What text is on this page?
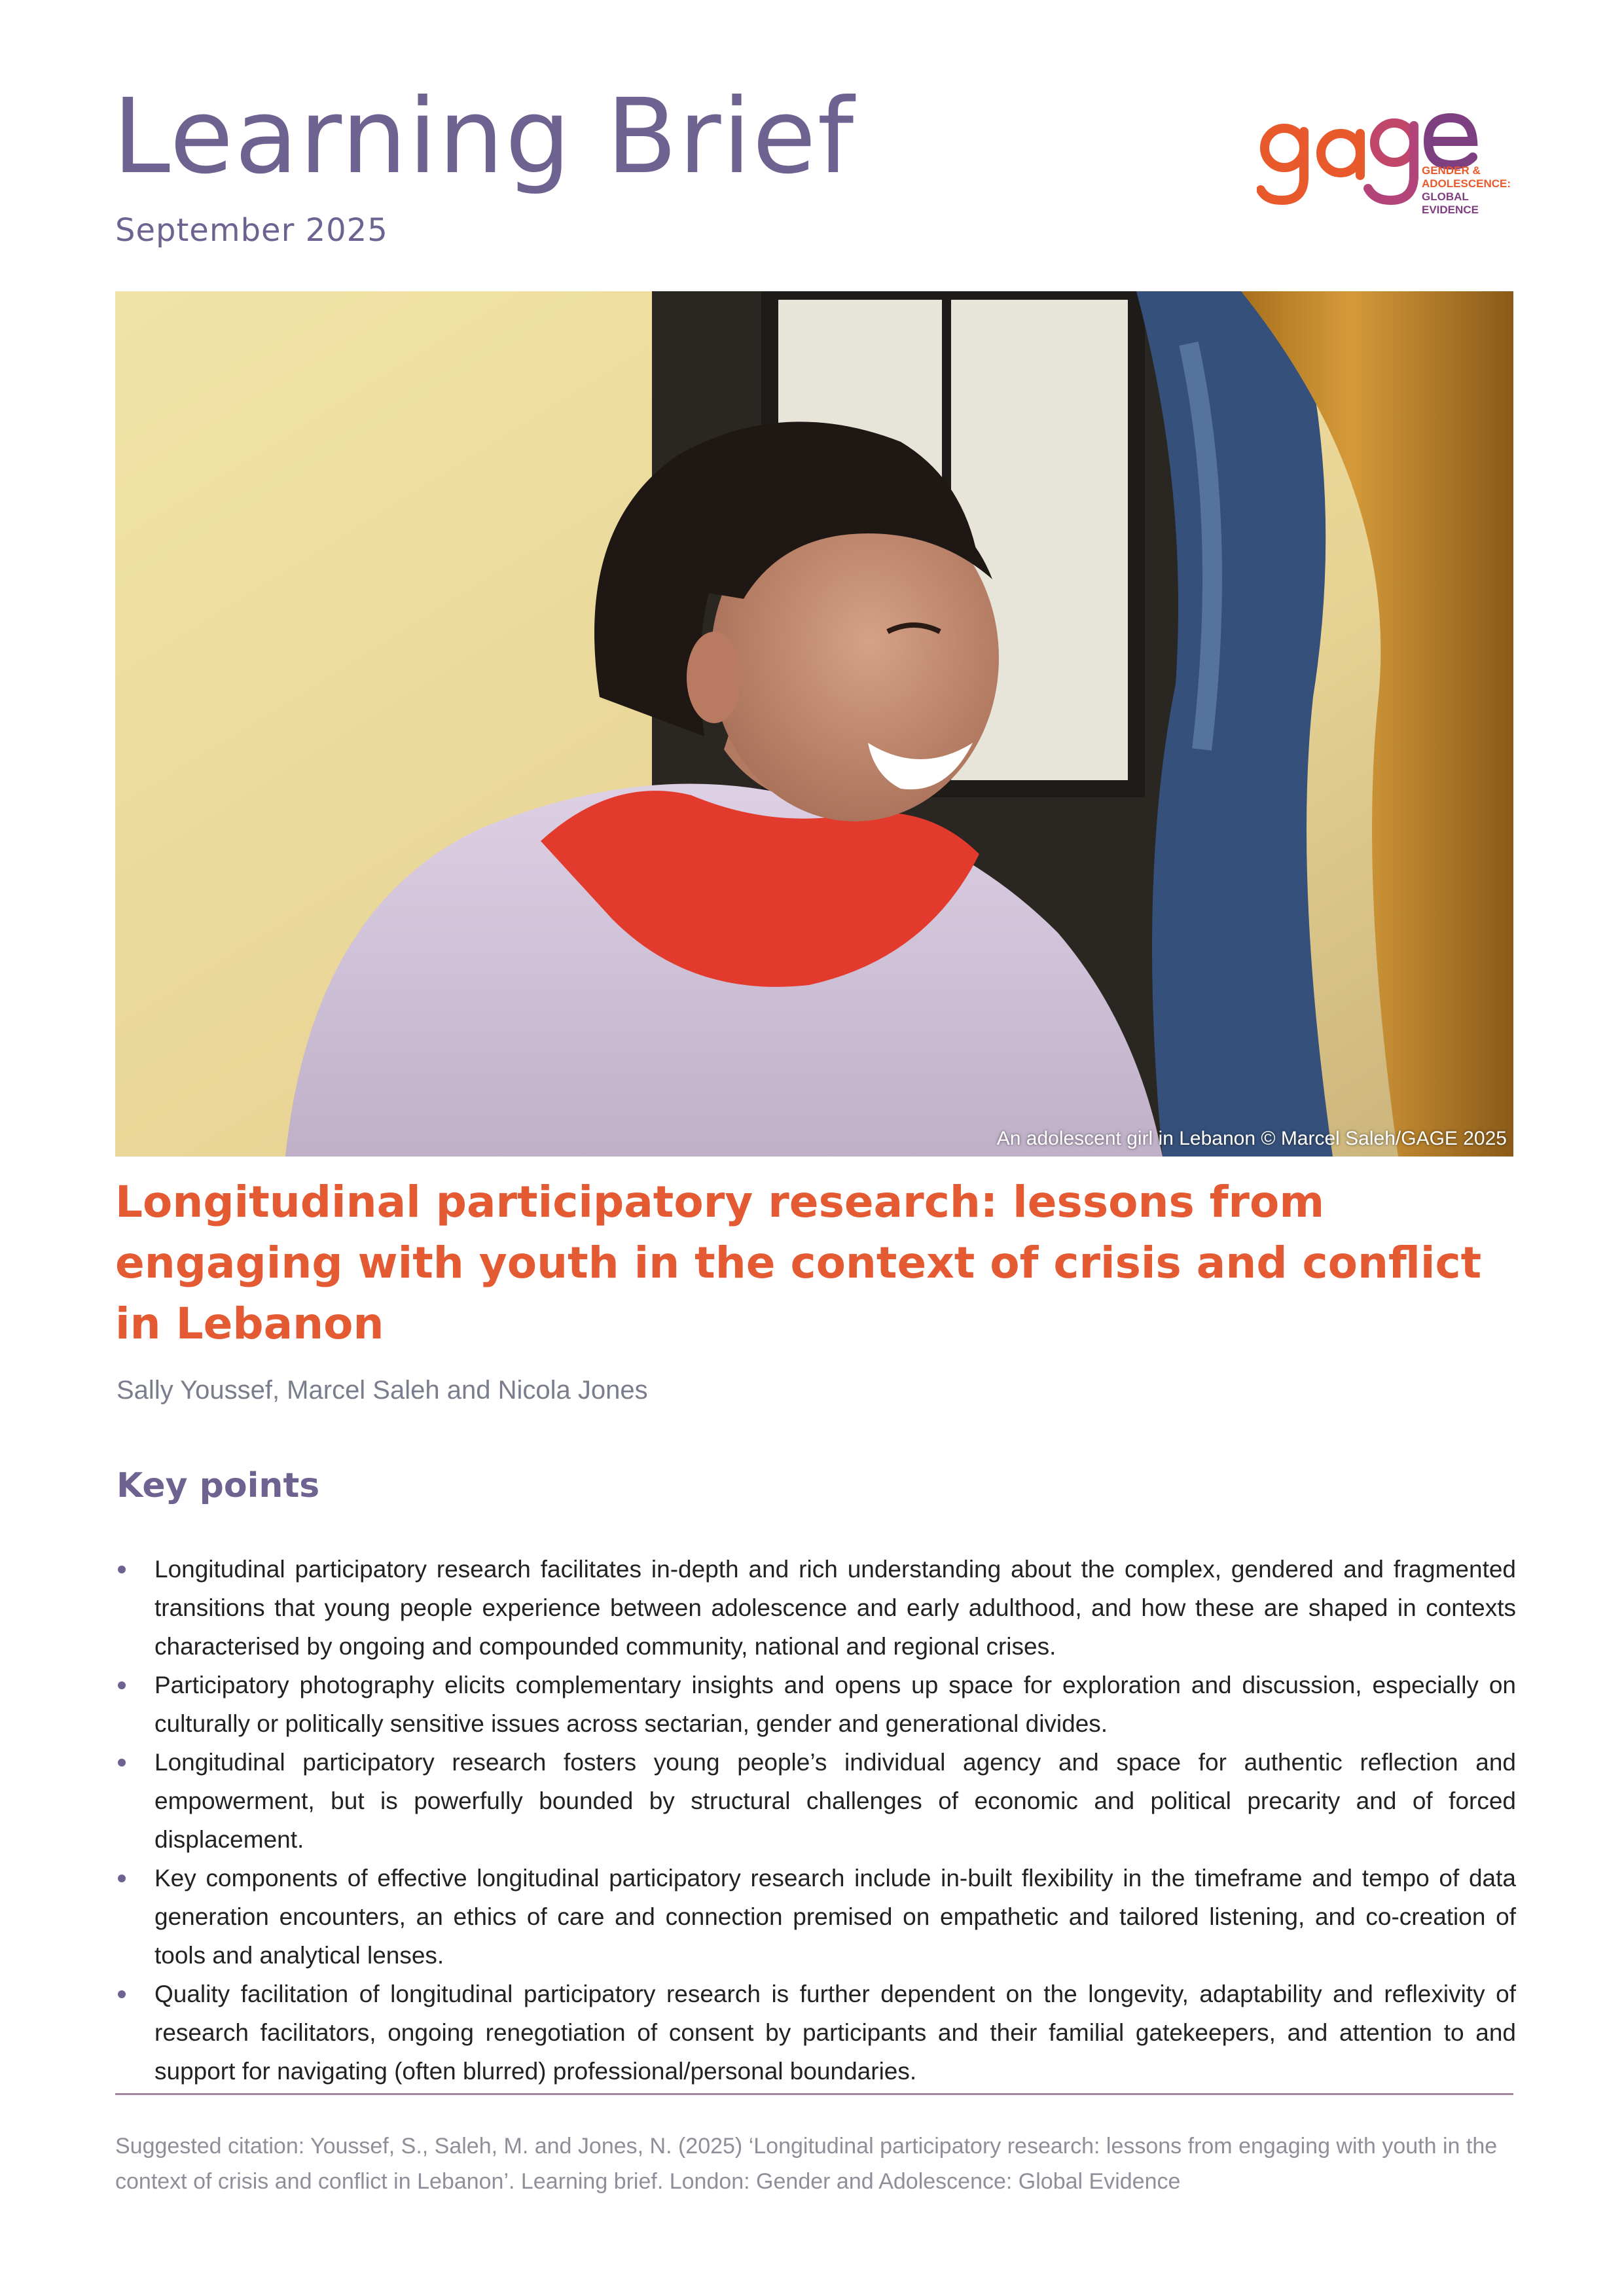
Learning Brief
September 2025
GENDER &
ADOLESCENCE:
GLOBAL
EVIDENCE
An adolescent girl in Lebanon © Marcel Saleh/GAGE 2025
Longitudinal participatory research: lessons from engaging with youth in the context of crisis and conflict in Lebanon
Sally Youssef, Marcel Saleh and Nicola Jones
Key points
Longitudinal participatory research facilitates in-depth and rich understanding about the complex, gendered and fragmented transitions that young people experience between adolescence and early adulthood, and how these are shaped in contexts characterised by ongoing and compounded community, national and regional crises.
Participatory photography elicits complementary insights and opens up space for exploration and discussion, especially on culturally or politically sensitive issues across sectarian, gender and generational divides.
Longitudinal participatory research fosters young people’s individual agency and space for authentic reflection and empowerment, but is powerfully bounded by structural challenges of economic and political precarity and of forced displacement.
Key components of effective longitudinal participatory research include in-built flexibility in the timeframe and tempo of data generation encounters, an ethics of care and connection premised on empathetic and tailored listening, and co-creation of tools and analytical lenses.
Quality facilitation of longitudinal participatory research is further dependent on the longevity, adaptability and reflexivity of research facilitators, ongoing renegotiation of consent by participants and their familial gatekeepers, and attention to and support for navigating (often blurred) professional/personal boundaries.

Suggested citation: Youssef, S., Saleh, M. and Jones, N. (2025) ‘Longitudinal participatory research: lessons from engaging with youth in the context of crisis and conflict in Lebanon’. Learning brief. London: Gender and Adolescence: Global Evidence
